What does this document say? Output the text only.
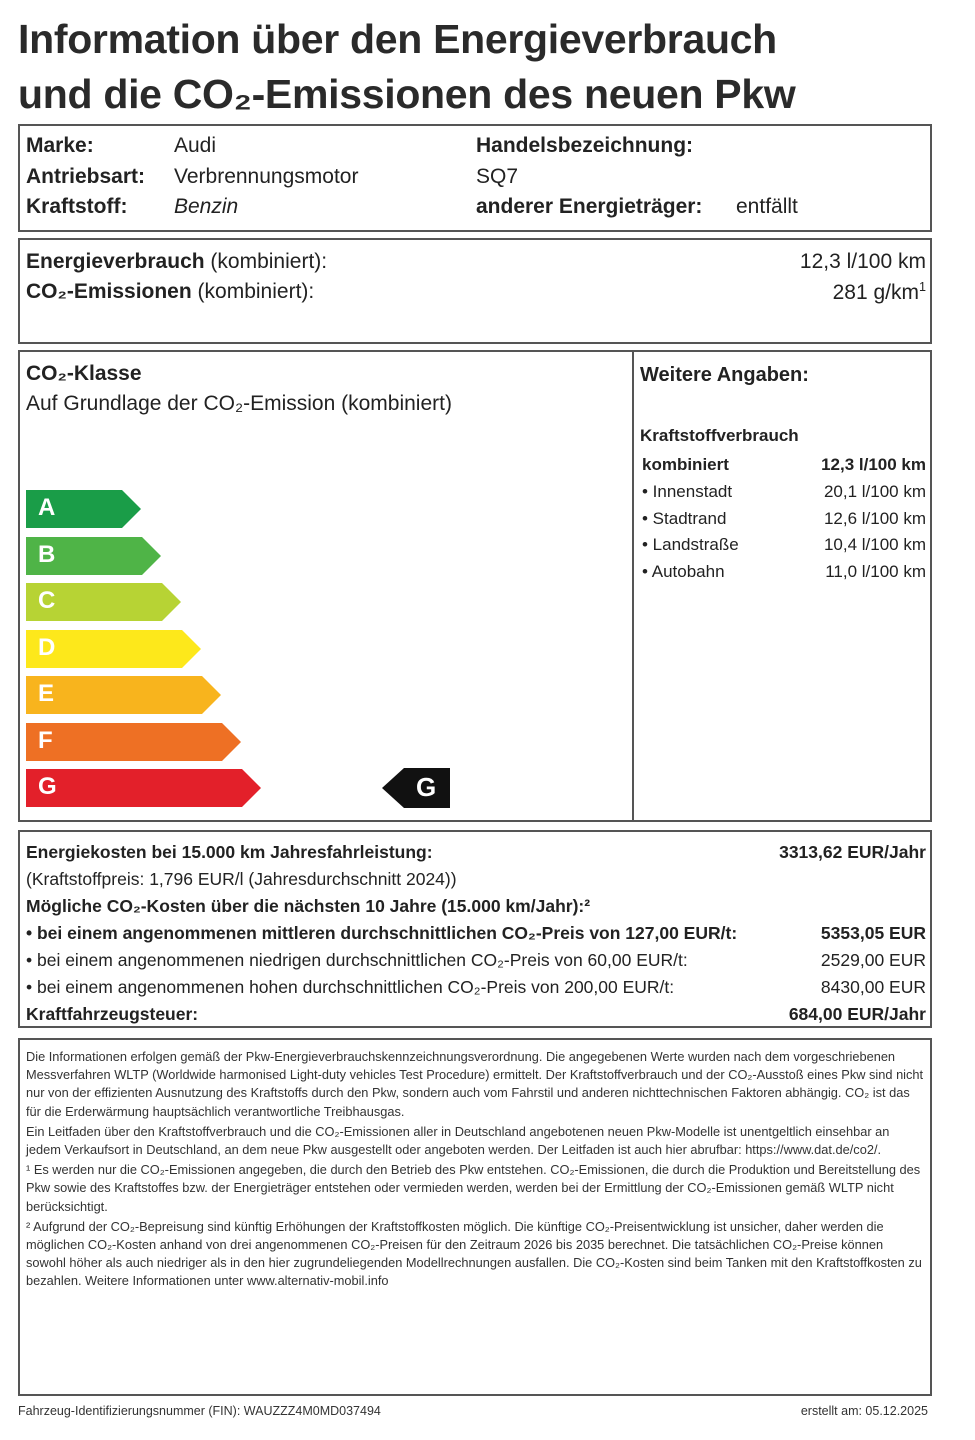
Information über den Energieverbrauch
und die CO₂-Emissionen des neuen Pkw
Marke:	Audi
Antriebsart: Verbrennungsmotor
Kraftstoff: Benzin
Handelsbezeichnung:
SQ7
anderer Energieträger: entfällt
Energieverbrauch (kombiniert):	12,3 l/100 km
CO₂-Emissionen (kombiniert):	281 $g/km^1$
CO₂-Klasse
Auf Grundlage der CO₂-Emission (kombiniert)
A
B
C
D
E
F
G	G
Weitere Angaben:
Kraftstoffverbrauch
kombiniert	12,3 l/100 km
• Innenstadt	20,1 l/100 km
• Stadtrand	12,6 l/100 km
• Landstraße	10,4 l/100 km
• Autobahn	11,0 l/100 km
Energiekosten bei 15.000 km Jahresfahrleistung:	3313,62 EUR/Jahr
(Kraftstoffpreis: 1,796 EUR/l (Jahresdurchschnitt 2024))
Mögliche CO₂-Kosten über die nächsten 10 Jahre (15.000 km/Jahr):²
Kraftfahrzeugsteuer:	684,00 EUR/Jahr
• bei einem angenommenen mittleren durchschnittlichen CO₂-Preis von 127,00 EUR/t:	5353,05 EUR
• bei einem angenommenen niedrigen durchschnittlichen CO₂-Preis von 60,00 EUR/t:	2529,00 EUR
• bei einem angenommenen hohen durchschnittlichen CO₂-Preis von 200,00 EUR/t:	8430,00 EUR

Die Informationen erfolgen gemäß der Pkw-Energieverbrauchskennzeichnungsverordnung. Die angegebenen Werte wurden nach dem vorgeschriebenen Messverfahren WLTP (Worldwide harmonised Light-duty vehicles Test Procedure) ermittelt. Der Kraftstoffverbrauch und der CO₂-Ausstoß eines Pkw sind nicht nur von der effizienten Ausnutzung des Kraftstoffs durch den Pkw, sondern auch vom Fahrstil und anderen nichttechnischen Faktoren abhängig. CO₂ ist das für die Erderwärmung hauptsächlich verantwortliche Treibhausgas.

Ein Leitfaden über den Kraftstoffverbrauch und die CO₂-Emissionen aller in Deutschland angebotenen neuen Pkw-Modelle ist unentgeltlich einsehbar an jedem Verkaufsort in Deutschland, an dem neue Pkw ausgestellt oder angeboten werden. Der Leitfaden ist auch hier abrufbar: https://www.dat.de/co2/.

¹ Es werden nur die CO₂-Emissionen angegeben, die durch den Betrieb des Pkw entstehen. CO₂-Emissionen, die durch die Produktion und Bereitstellung des Pkw sowie des Kraftstoffes bzw. der Energieträger entstehen oder vermieden werden, werden bei der Ermittlung der CO₂-Emissionen gemäß WLTP nicht berücksichtigt.

² Aufgrund der CO₂-Bepreisung sind künftig Erhöhungen der Kraftstoffkosten möglich. Die künftige CO₂-Preisentwicklung ist unsicher, daher werden die möglichen CO₂-Kosten anhand von drei angenommenen CO₂-Preisen für den Zeitraum 2026 bis 2035 berechnet. Die tatsächlichen CO₂-Preise können sowohl höher als auch niedriger als in den hier zugrundeliegenden Modellrechnungen ausfallen. Die CO₂-Kosten sind beim Tanken mit den Kraftstoffkosten zu bezahlen. Weitere Informationen unter www.alternativ-mobil.info

Fahrzeug-Identifizierungsnummer (FIN): WAUZZZ4M0MD037494	erstellt am: 05.12.2025
